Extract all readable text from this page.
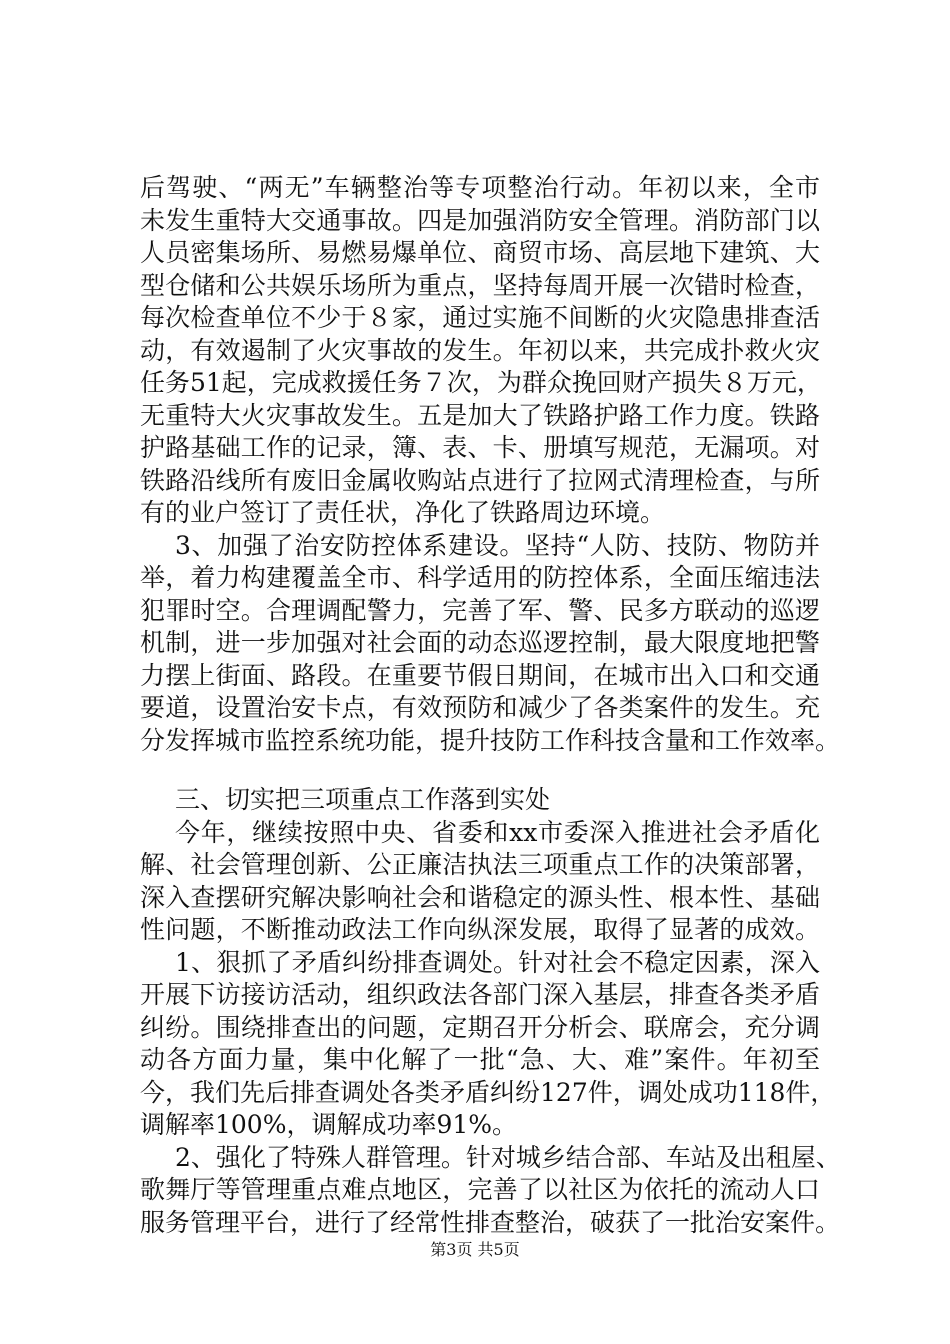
后驾驶、“两无”车辆整治等专项整治行动。年初以来，全市
未发生重特大交通事故。四是加强消防安全管理。消防部门以
人员密集场所、易燃易爆单位、商贸市场、高层地下建筑、大
型仓储和公共娱乐场所为重点，坚持每周开展一次错时检查，
每次检查单位不少于８家，通过实施不间断的火灾隐患排查活
动，有效遏制了火灾事故的发生。年初以来，共完成扑救火灾
任务51起，完成救援任务７次，为群众挽回财产损失８万元，
无重特大火灾事故发生。五是加大了铁路护路工作力度。铁路
护路基础工作的记录，簿、表、卡、册填写规范，无漏项。对
铁路沿线所有废旧金属收购站点进行了拉网式清理检查，与所
有的业户签订了责任状，净化了铁路周边环境。
3、加强了治安防控体系建设。坚持“人防、技防、物防并
举，着力构建覆盖全市、科学适用的防控体系，全面压缩违法
犯罪时空。合理调配警力，完善了军、警、民多方联动的巡逻
机制，进一步加强对社会面的动态巡逻控制，最大限度地把警
力摆上街面、路段。在重要节假日期间，在城市出入口和交通
要道，设置治安卡点，有效预防和减少了各类案件的发生。充
分发挥城市监控系统功能，提升技防工作科技含量和工作效率。
三、切实把三项重点工作落到实处
今年，继续按照中央、省委和xx市委深入推进社会矛盾化
解、社会管理创新、公正廉洁执法三项重点工作的决策部署，
深入查摆研究解决影响社会和谐稳定的源头性、根本性、基础
性问题，不断推动政法工作向纵深发展，取得了显著的成效。
1、狠抓了矛盾纠纷排查调处。针对社会不稳定因素，深入
开展下访接访活动，组织政法各部门深入基层，排查各类矛盾
纠纷。围绕排查出的问题，定期召开分析会、联席会，充分调
动各方面力量，集中化解了一批“急、大、难”案件。年初至
今，我们先后排查调处各类矛盾纠纷127件，调处成功118件，
调解率100%，调解成功率91%。
2、强化了特殊人群管理。针对城乡结合部、车站及出租屋、
歌舞厅等管理重点难点地区，完善了以社区为依托的流动人口
服务管理平台，进行了经常性排查整治，破获了一批治安案件。
第3页 共5页
